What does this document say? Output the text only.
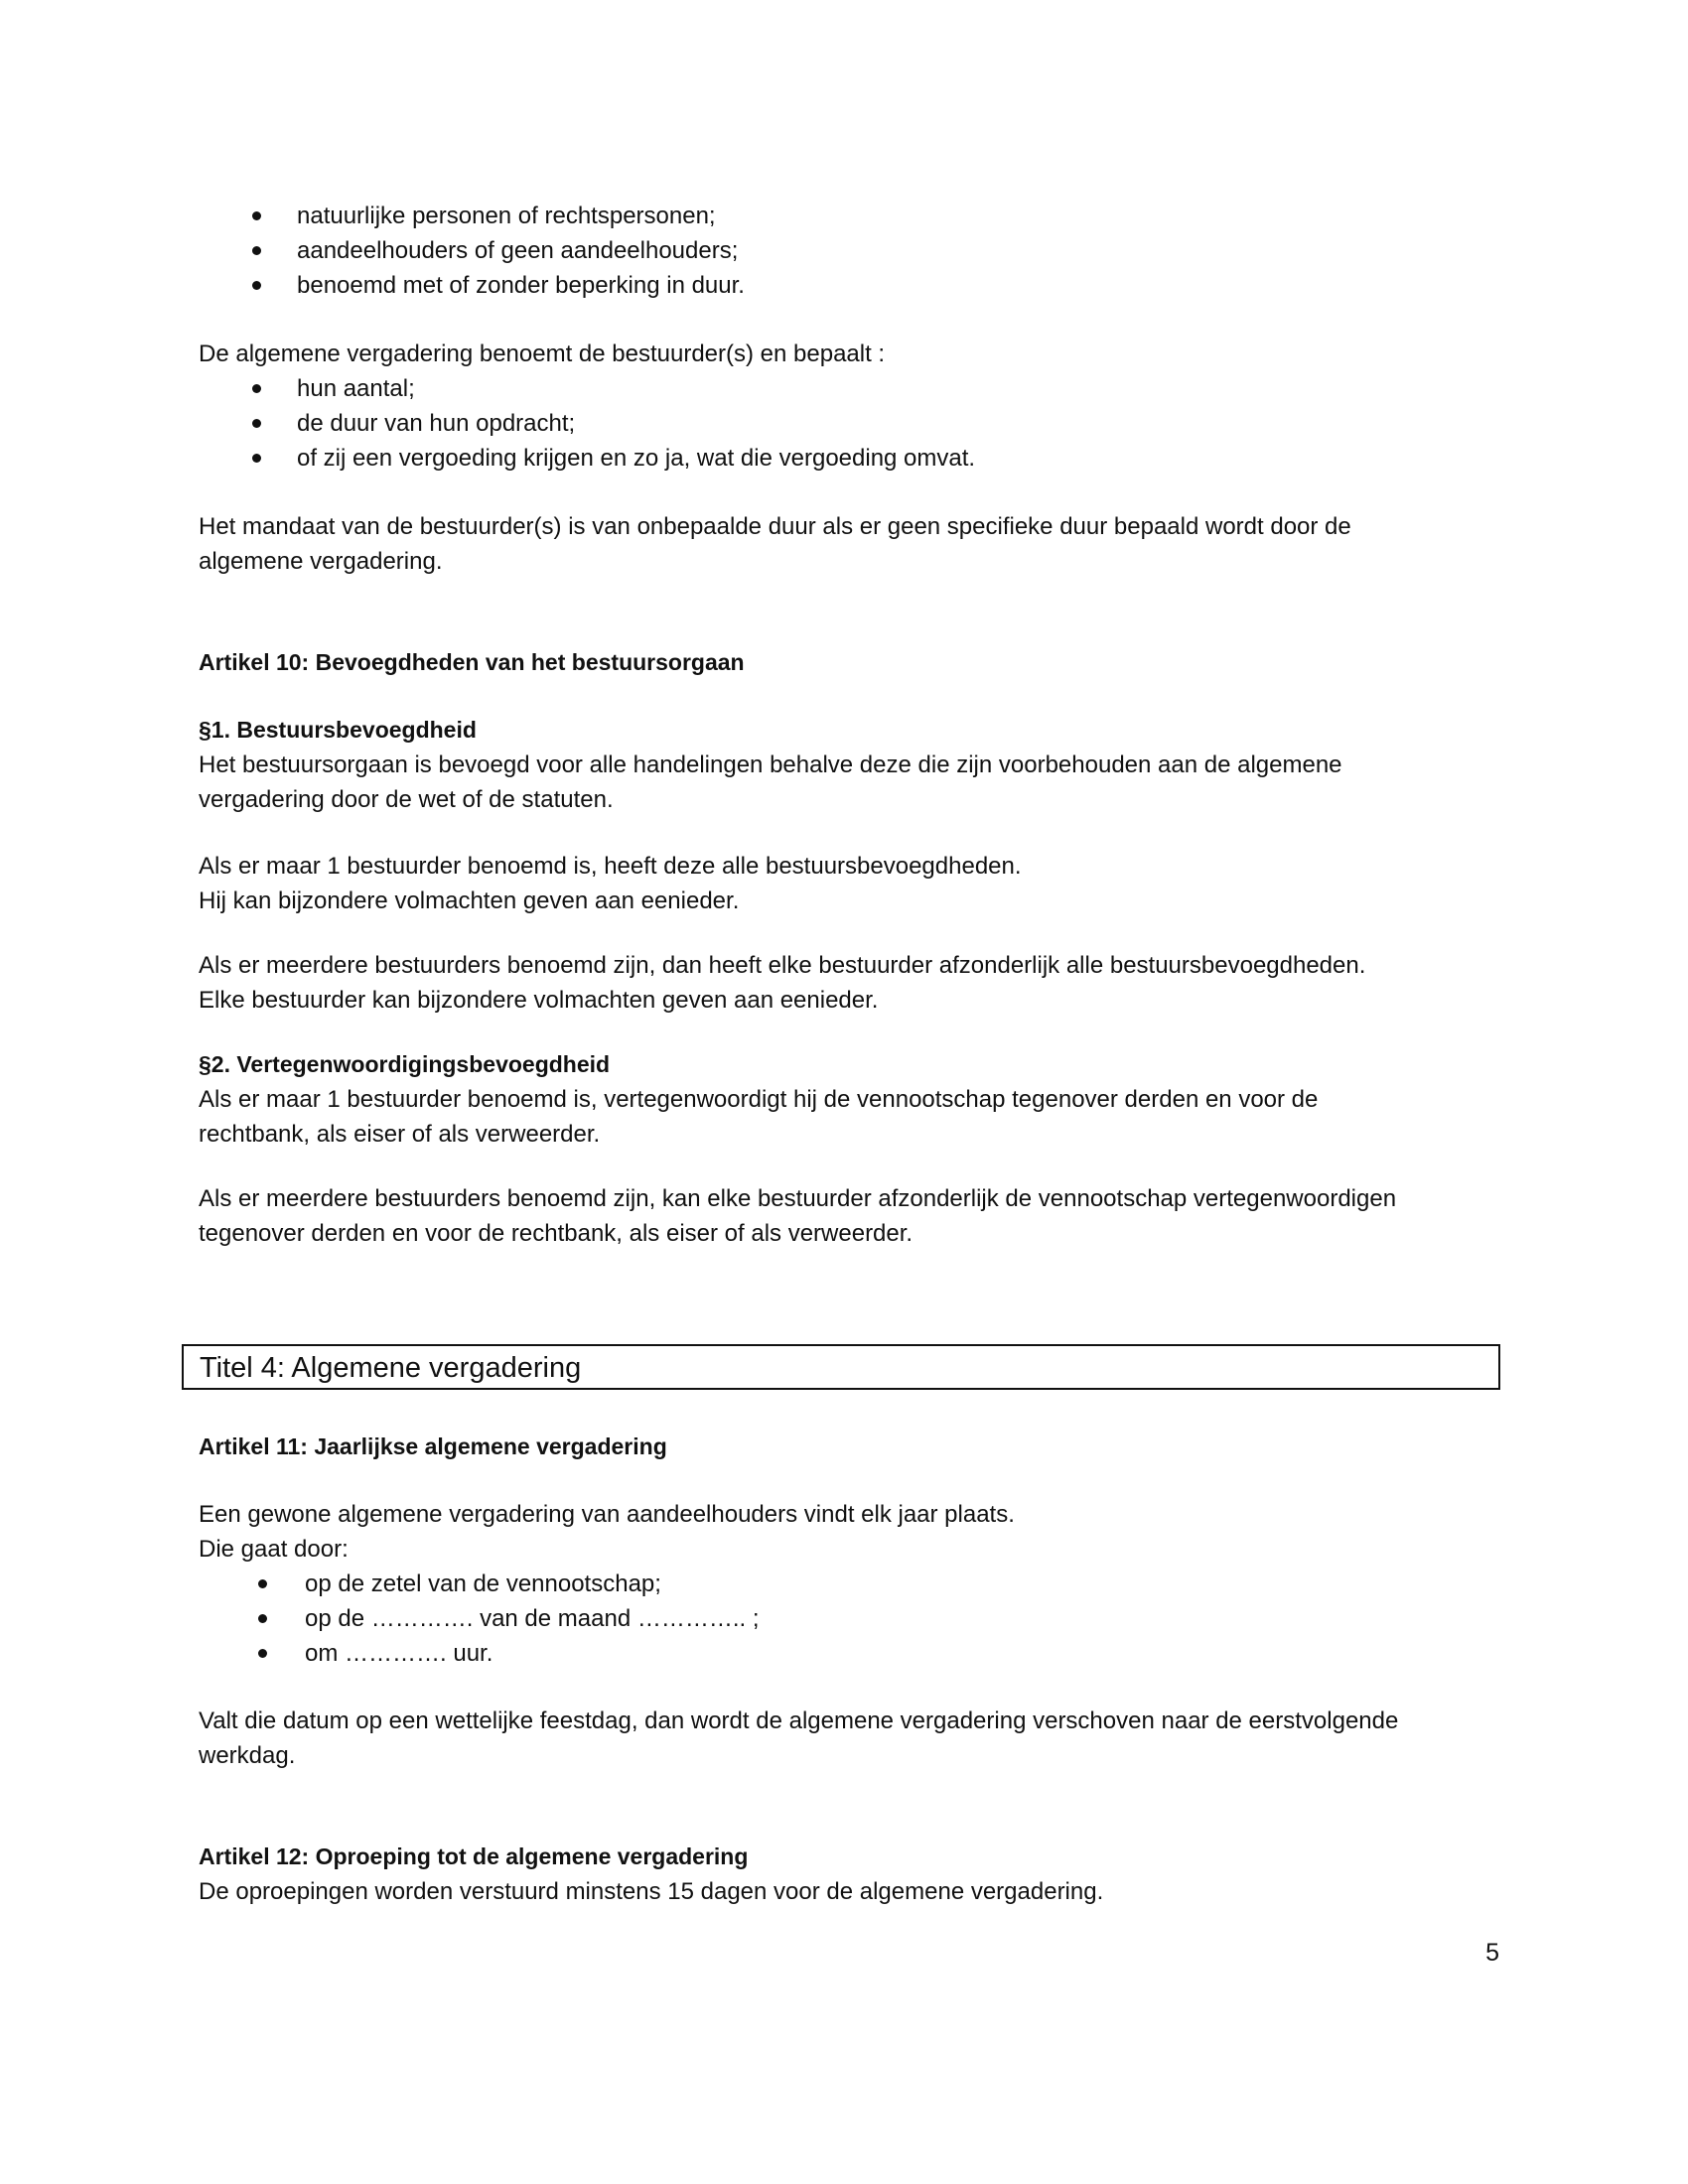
natuurlijke personen of rechtspersonen;
aandeelhouders of geen aandeelhouders;
benoemd met of zonder beperking in duur.
De algemene vergadering benoemt de bestuurder(s) en bepaalt :
hun aantal;
de duur van hun opdracht;
of zij een vergoeding krijgen en zo ja, wat die vergoeding omvat.
Het mandaat van de bestuurder(s) is van onbepaalde duur als er geen specifieke duur bepaald wordt door de
algemene vergadering.
Artikel 10: Bevoegdheden van het bestuursorgaan
§1. Bestuursbevoegdheid
Het bestuursorgaan is bevoegd voor alle handelingen behalve deze die zijn voorbehouden aan de algemene
vergadering door de wet of de statuten.
Als er maar 1 bestuurder benoemd is, heeft deze alle bestuursbevoegdheden.
Hij kan bijzondere volmachten geven aan eenieder.
Als er meerdere bestuurders benoemd zijn, dan heeft elke bestuurder afzonderlijk alle bestuursbevoegdheden.
Elke bestuurder kan bijzondere volmachten geven aan eenieder.
§2. Vertegenwoordigingsbevoegdheid
Als er maar 1 bestuurder benoemd is, vertegenwoordigt hij de vennootschap tegenover derden en voor de
rechtbank, als eiser of als verweerder.
Als er meerdere bestuurders benoemd zijn, kan elke bestuurder afzonderlijk de vennootschap vertegenwoordigen
tegenover derden en voor de rechtbank, als eiser of als verweerder.
Titel 4: Algemene vergadering
Artikel 11: Jaarlijkse algemene vergadering
Een gewone algemene vergadering van aandeelhouders vindt elk jaar plaats.
Die gaat door:
op de zetel van de vennootschap;
op de …………. van de maand ………….. ;
om …………. uur.
Valt die datum op een wettelijke feestdag, dan wordt de algemene vergadering verschoven naar de eerstvolgende
werkdag.
Artikel 12: Oproeping tot de algemene vergadering
De oproepingen worden verstuurd minstens 15 dagen voor de algemene vergadering.
5
